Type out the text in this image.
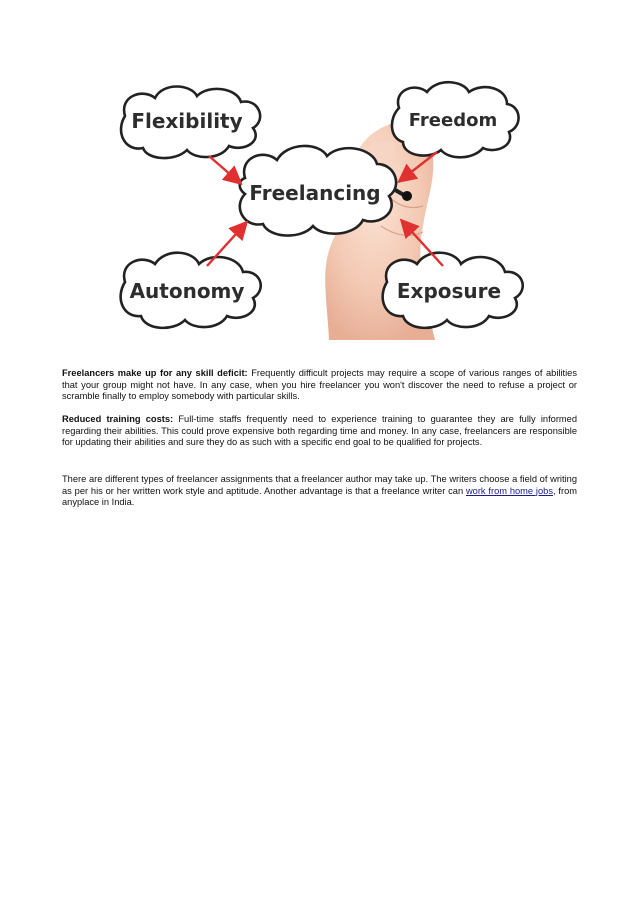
Flexibility	Freedom
Freelancing
Autonomy	Exposure

Freelancers make up for any skill deficit: Frequently difficult projects may require a scope of various ranges of abilities that your group might not have. In any case, when you hire freelancer you won't discover the need to refuse a project or scramble finally to employ somebody with particular skills.

Reduced training costs: Full-time staffs frequently need to experience training to guarantee they are fully informed regarding their abilities. This could prove expensive both regarding time and money. In any case, freelancers are responsible for updating their abilities and sure they do as such with a specific end goal to be qualified for projects.

There are different types of freelancer assignments that a freelancer author may take up. The writers choose a field of writing as per his or her written work style and aptitude. Another advantage is that a freelance writer can work from home jobs, from anyplace in India.
